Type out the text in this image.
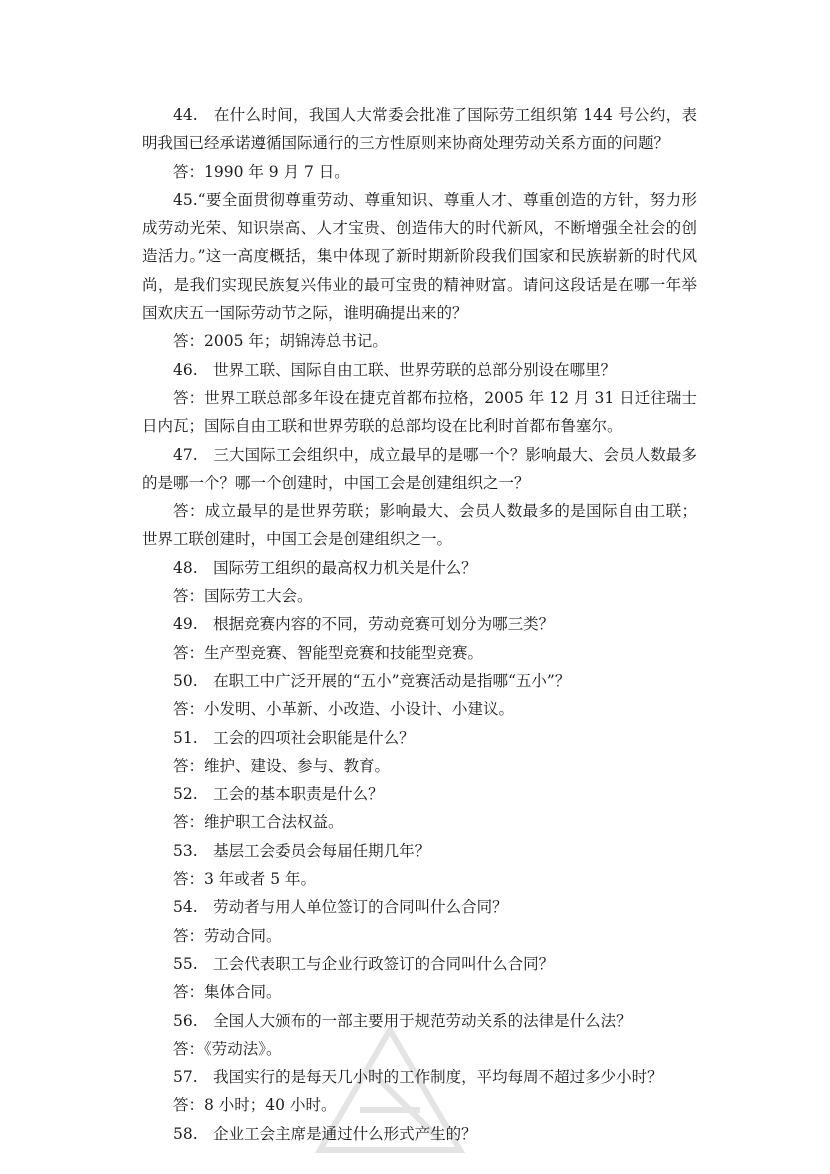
44.　在什么时间，我国人大常委会批准了国际劳工组织第 144 号公约，表明我国已经承诺遵循国际通行的三方性原则来协商处理劳动关系方面的问题？

答：1990 年 9 月 7 日。

45.“要全面贯彻尊重劳动、尊重知识、尊重人才、尊重创造的方针，努力形成劳动光荣、知识崇高、人才宝贵、创造伟大的时代新风，不断增强全社会的创造活力。”这一高度概括，集中体现了新时期新阶段我们国家和民族崭新的时代风尚，是我们实现民族复兴伟业的最可宝贵的精神财富。请问这段话是在哪一年举国欢庆五一国际劳动节之际，谁明确提出来的？

答：2005 年；胡锦涛总书记。

46.　世界工联、国际自由工联、世界劳联的总部分别设在哪里？

答：世界工联总部多年设在捷克首都布拉格，2005 年 12 月 31 日迁往瑞士日内瓦；国际自由工联和世界劳联的总部均设在比利时首都布鲁塞尔。

47.　三大国际工会组织中，成立最早的是哪一个？影响最大、会员人数最多的是哪一个？哪一个创建时，中国工会是创建组织之一？

答：成立最早的是世界劳联；影响最大、会员人数最多的是国际自由工联；世界工联创建时，中国工会是创建组织之一。

48.　国际劳工组织的最高权力机关是什么？

答：国际劳工大会。

49.　根据竞赛内容的不同，劳动竞赛可划分为哪三类？

答：生产型竞赛、智能型竞赛和技能型竞赛。

50.　在职工中广泛开展的“五小”竞赛活动是指哪“五小”？

答：小发明、小革新、小改造、小设计、小建议。

51.　工会的四项社会职能是什么？

答：维护、建设、参与、教育。

52.　工会的基本职责是什么？

答：维护职工合法权益。

53.　基层工会委员会每届任期几年？

答：3 年或者 5 年。

54.　劳动者与用人单位签订的合同叫什么合同？

答：劳动合同。

55.　工会代表职工与企业行政签订的合同叫什么合同？

答：集体合同。

56.　全国人大颁布的一部主要用于规范劳动关系的法律是什么法？

答：《劳动法》。

57.　我国实行的是每天几小时的工作制度，平均每周不超过多少小时？

答：8 小时；40 小时。

58.　企业工会主席是通过什么形式产生的？
